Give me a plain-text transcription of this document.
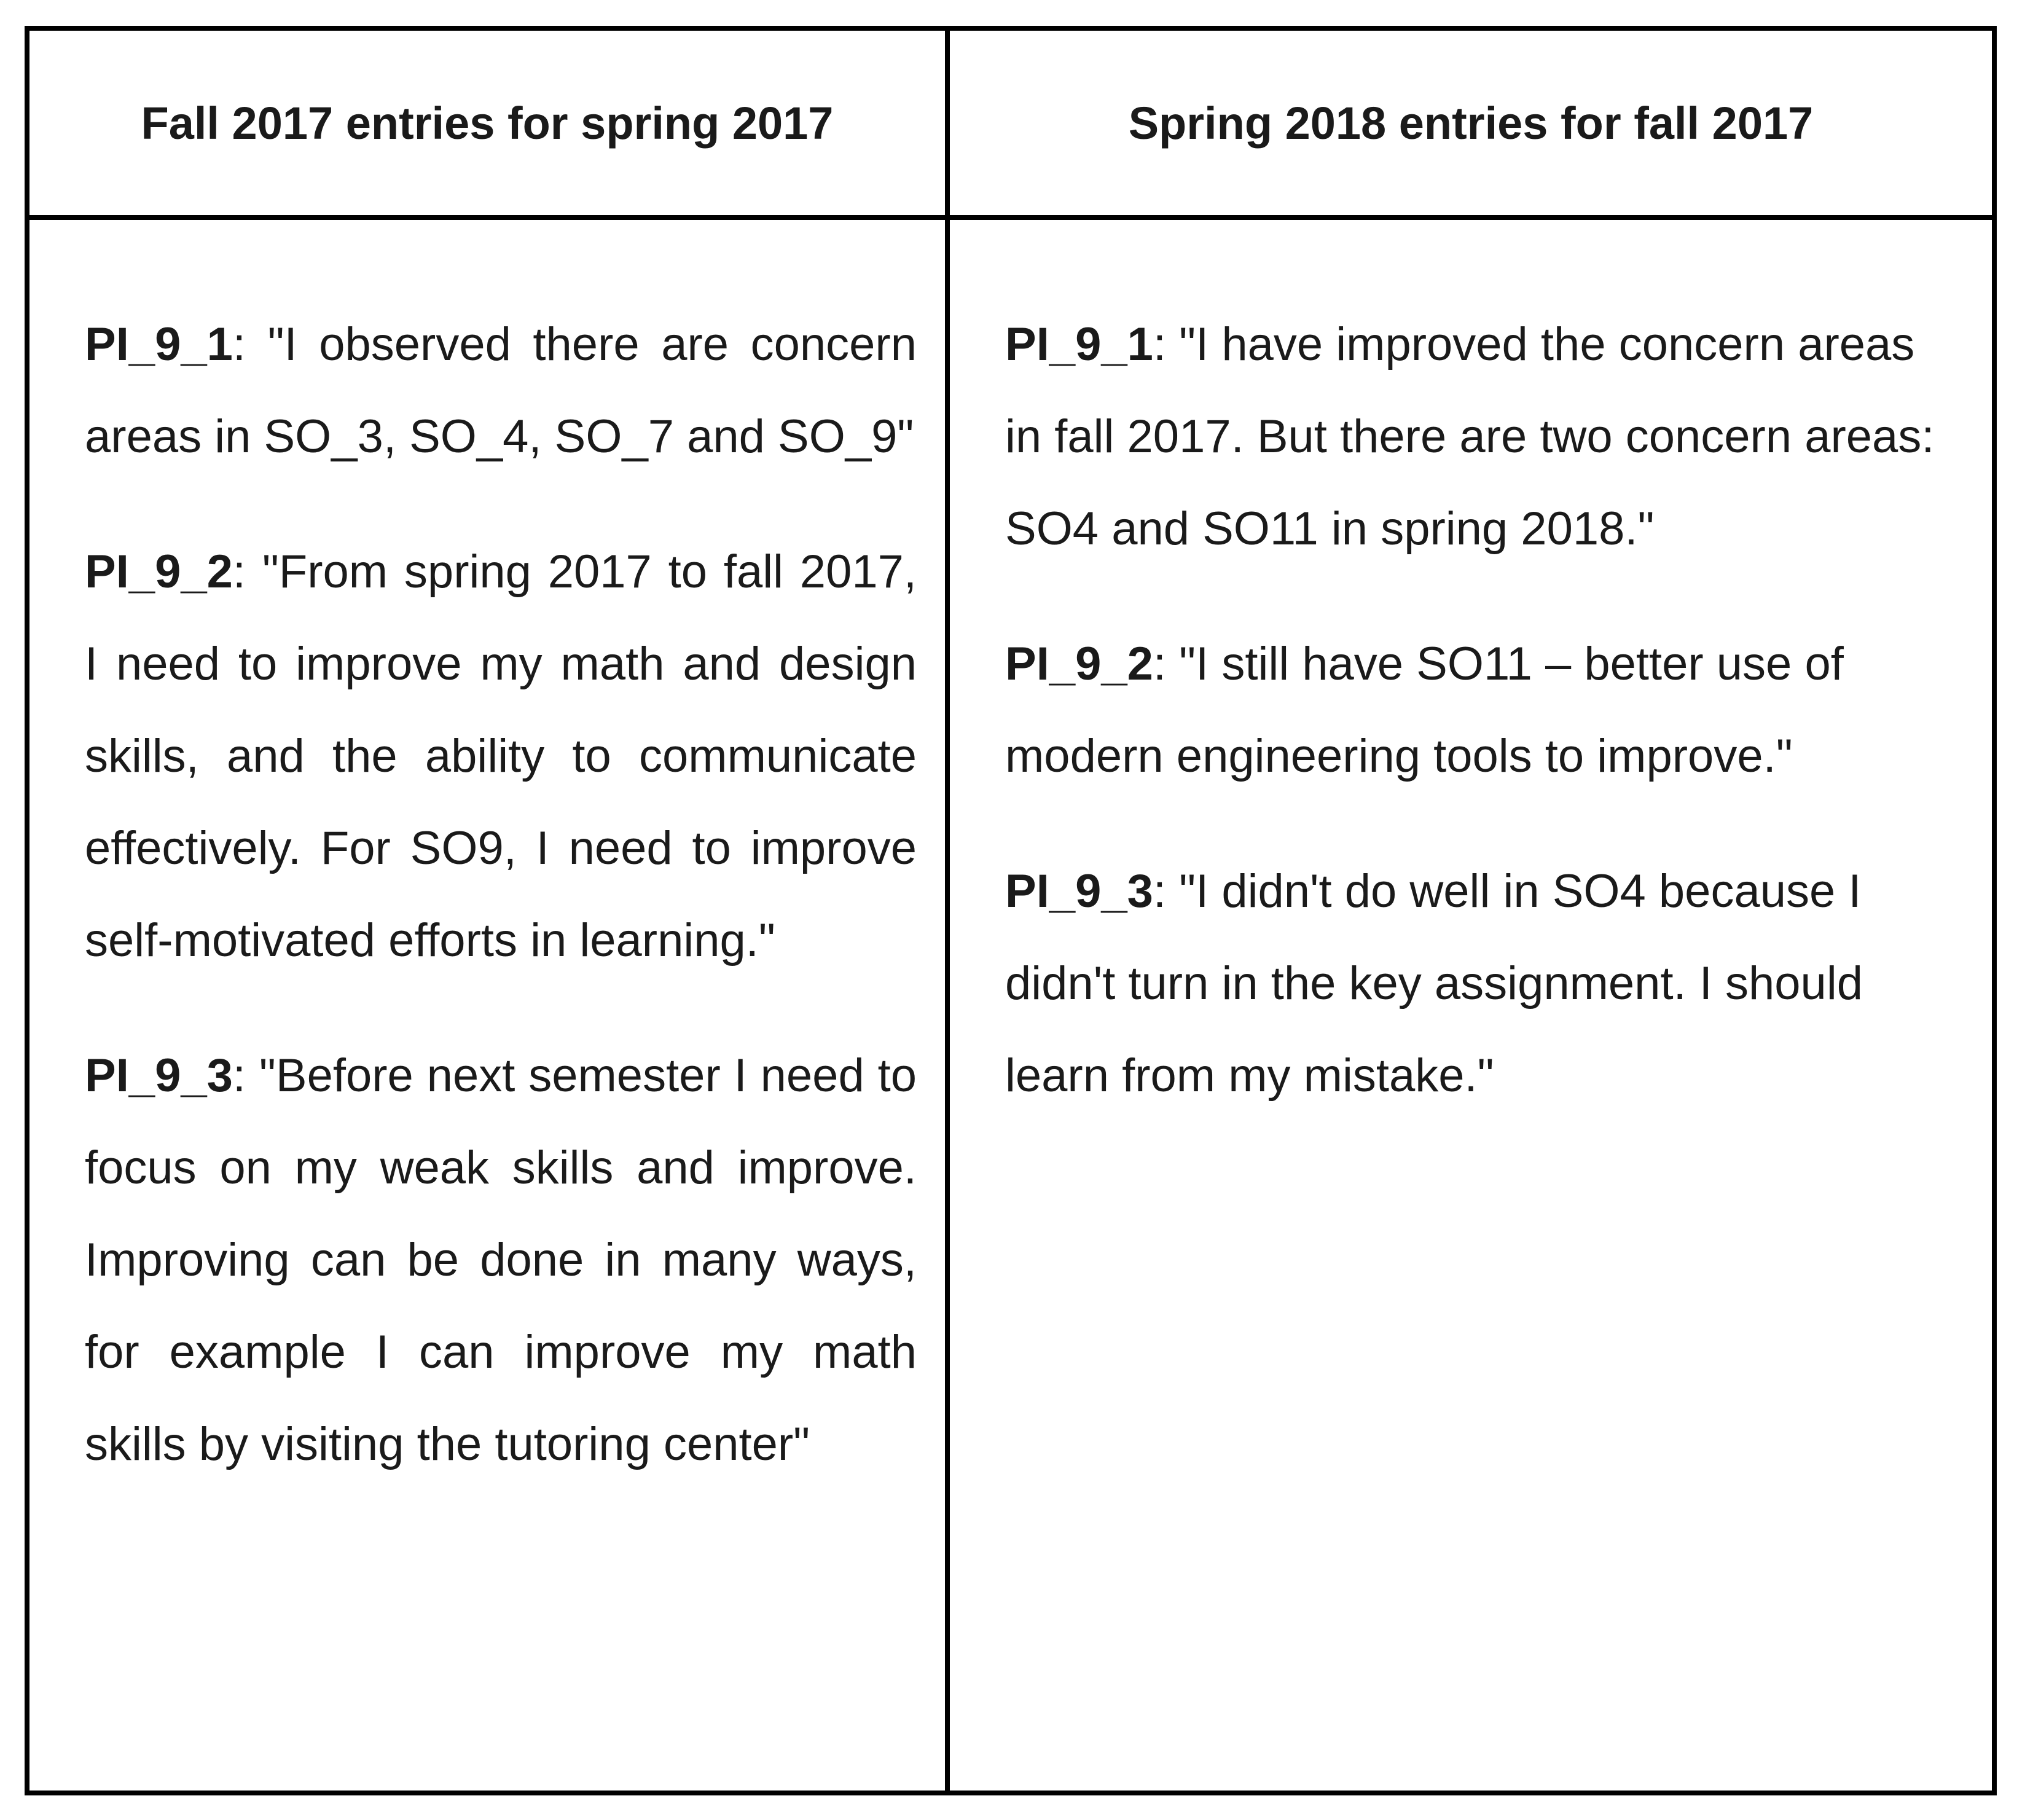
Fall 2017 entries for spring 2017	Spring 2018 entries for fall 2017

PI_9_1: "I observed there are concern areas in SO_3, SO_4, SO_7 and SO_9"

PI_9_2: "From spring 2017 to fall 2017, I need to improve my math and design skills, and the ability to communicate effectively. For SO9, I need to improve self-motivated efforts in learning."

PI_9_3: "Before next semester I need to focus on my weak skills and improve. Improving can be done in many ways, for example I can improve my math skills by visiting the tutoring center"

PI_9_1: "I have improved the concern areas in fall 2017. But there are two concern areas: SO4 and SO11 in spring 2018."

PI_9_2: "I still have SO11 – better use of modern engineering tools to improve."

PI_9_3: "I didn't do well in SO4 because I didn't turn in the key assignment. I should learn from my mistake."
